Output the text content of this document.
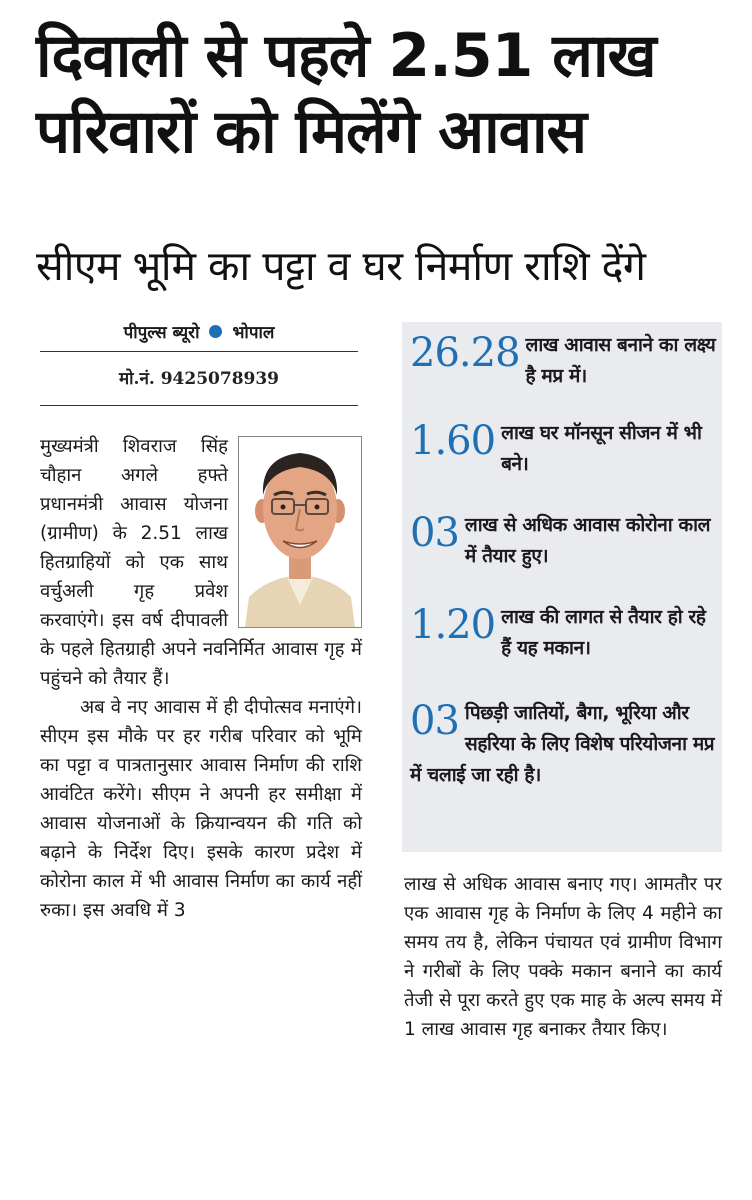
दिवाली से पहले 2.51 लाख
परिवारों को मिलेंगे आवास
सीएम भूमि का पट्टा व घर निर्माण राशि देंगे
पीपुल्स ब्यूरो भोपाल
मो.नं. 9425078939

मुख्यमंत्री शिवराज सिंह चौहान अगले हफ्ते प्रधानमंत्री आवास योजना (ग्रामीण) के 2.51 लाख हितग्राहियों को एक साथ वर्चुअली गृह प्रवेश करवाएंगे। इस वर्ष दीपावली के पहले हितग्राही अपने नवनिर्मित आवास गृह में पहुंचने को तैयार हैं।

अब वे नए आवास में ही दीपोत्सव मनाएंगे। सीएम इस मौके पर हर गरीब परिवार को भूमि का पट्टा व पात्रतानुसार आवास निर्माण की राशि आवंटित करेंगे। सीएम ने अपनी हर समीक्षा में आवास योजनाओं के क्रियान्वयन की गति को बढ़ाने के निर्देश दिए। इसके कारण प्रदेश में कोरोना काल में भी आवास निर्माण का कार्य नहीं रुका। इस अवधि में 3

26.28 लाख आवास बनाने का लक्ष्य है मप्र में।
1.60 लाख घर मॉनसून सीजन में भी बने।
03 लाख से अधिक आवास कोरोना काल में तैयार हुए।
1.20 लाख की लागत से तैयार हो रहे हैं यह मकान।
03 पिछड़ी जातियों, बैगा, भूरिया और सहरिया के लिए विशेष परियोजना मप्र में चलाई जा रही है।

लाख से अधिक आवास बनाए गए। आमतौर पर एक आवास गृह के निर्माण के लिए 4 महीने का समय तय है, लेकिन पंचायत एवं ग्रामीण विभाग ने गरीबों के लिए पक्के मकान बनाने का कार्य तेजी से पूरा करते हुए एक माह के अल्प समय में 1 लाख आवास गृह बनाकर तैयार किए।
